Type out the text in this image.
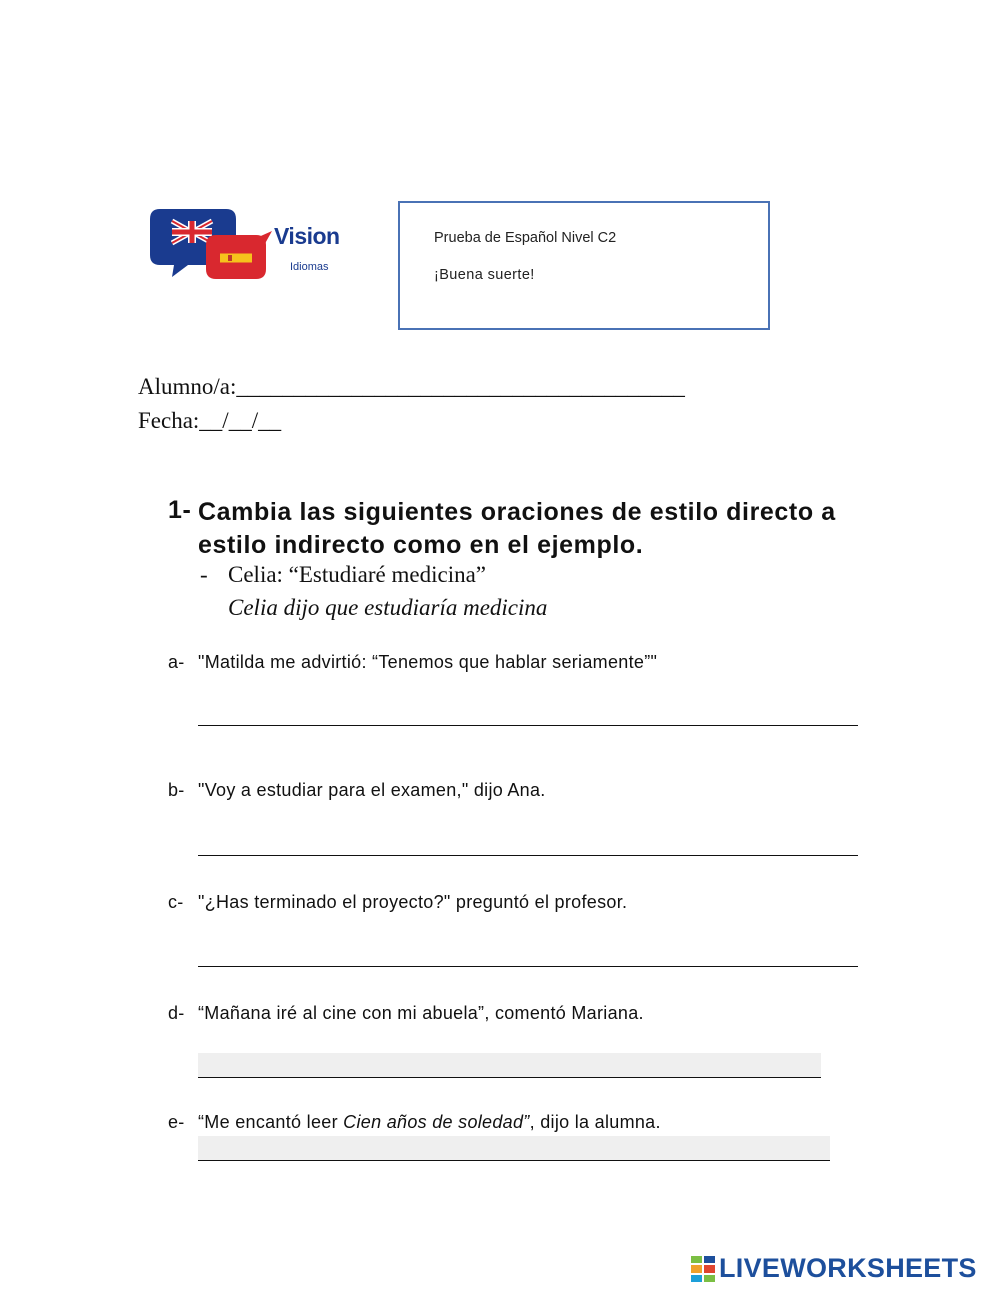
Vision
Idiomas
Prueba de Español Nivel C2
¡Buena suerte!
Alumno/a:_______________________________________
Fecha:__/__/__
1- Cambia las siguientes oraciones de estilo directo a estilo indirecto como en el ejemplo.
- Celia: “Estudiaré medicina”
Celia dijo que estudiaría medicina
a- "Matilda me advirtió: “Tenemos que hablar seriamente”"
b- "Voy a estudiar para el examen," dijo Ana.
c- "¿Has terminado el proyecto?" preguntó el profesor.
d- “Mañana iré al cine con mi abuela”, comentó Mariana.
e- “Me encantó leer Cien años de soledad”, dijo la alumna.
LIVEWORKSHEETS
